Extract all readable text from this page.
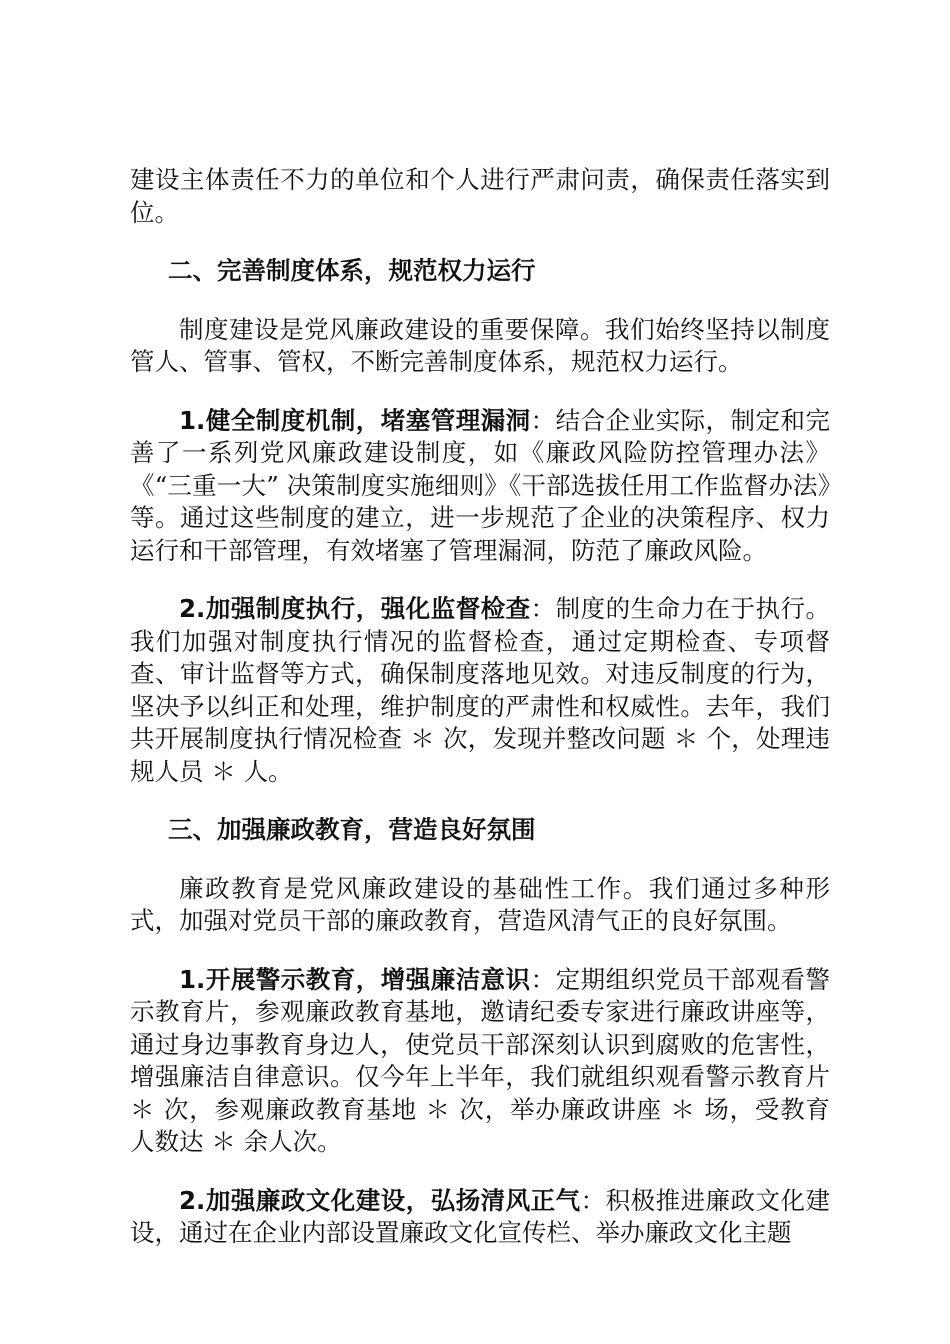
建设主体责任不力的单位和个人进行严肃问责，确保责任落实到位。

二、完善制度体系，规范权力运行

制度建设是党风廉政建设的重要保障。我们始终坚持以制度管人、管事、管权，不断完善制度体系，规范权力运行。

1.健全制度机制，堵塞管理漏洞：结合企业实际，制定和完善了一系列党风廉政建设制度，如《廉政风险防控管理办法》《“三重一大” 决策制度实施细则》《干部选拔任用工作监督办法》等。通过这些制度的建立，进一步规范了企业的决策程序、权力运行和干部管理，有效堵塞了管理漏洞，防范了廉政风险。

2.加强制度执行，强化监督检查：制度的生命力在于执行。我们加强对制度执行情况的监督检查，通过定期检查、专项督查、审计监督等方式，确保制度落地见效。对违反制度的行为，坚决予以纠正和处理，维护制度的严肃性和权威性。去年，我们共开展制度执行情况检查 ＊ 次，发现并整改问题 ＊ 个，处理违规人员 ＊ 人。

三、加强廉政教育，营造良好氛围

廉政教育是党风廉政建设的基础性工作。我们通过多种形式，加强对党员干部的廉政教育，营造风清气正的良好氛围。

1.开展警示教育，增强廉洁意识：定期组织党员干部观看警示教育片，参观廉政教育基地，邀请纪委专家进行廉政讲座等，通过身边事教育身边人，使党员干部深刻认识到腐败的危害性，增强廉洁自律意识。仅今年上半年，我们就组织观看警示教育片 ＊ 次，参观廉政教育基地 ＊ 次，举办廉政讲座 ＊ 场，受教育人数达 ＊ 余人次。

2.加强廉政文化建设，弘扬清风正气：积极推进廉政文化建设，通过在企业内部设置廉政文化宣传栏、举办廉政文化主题
